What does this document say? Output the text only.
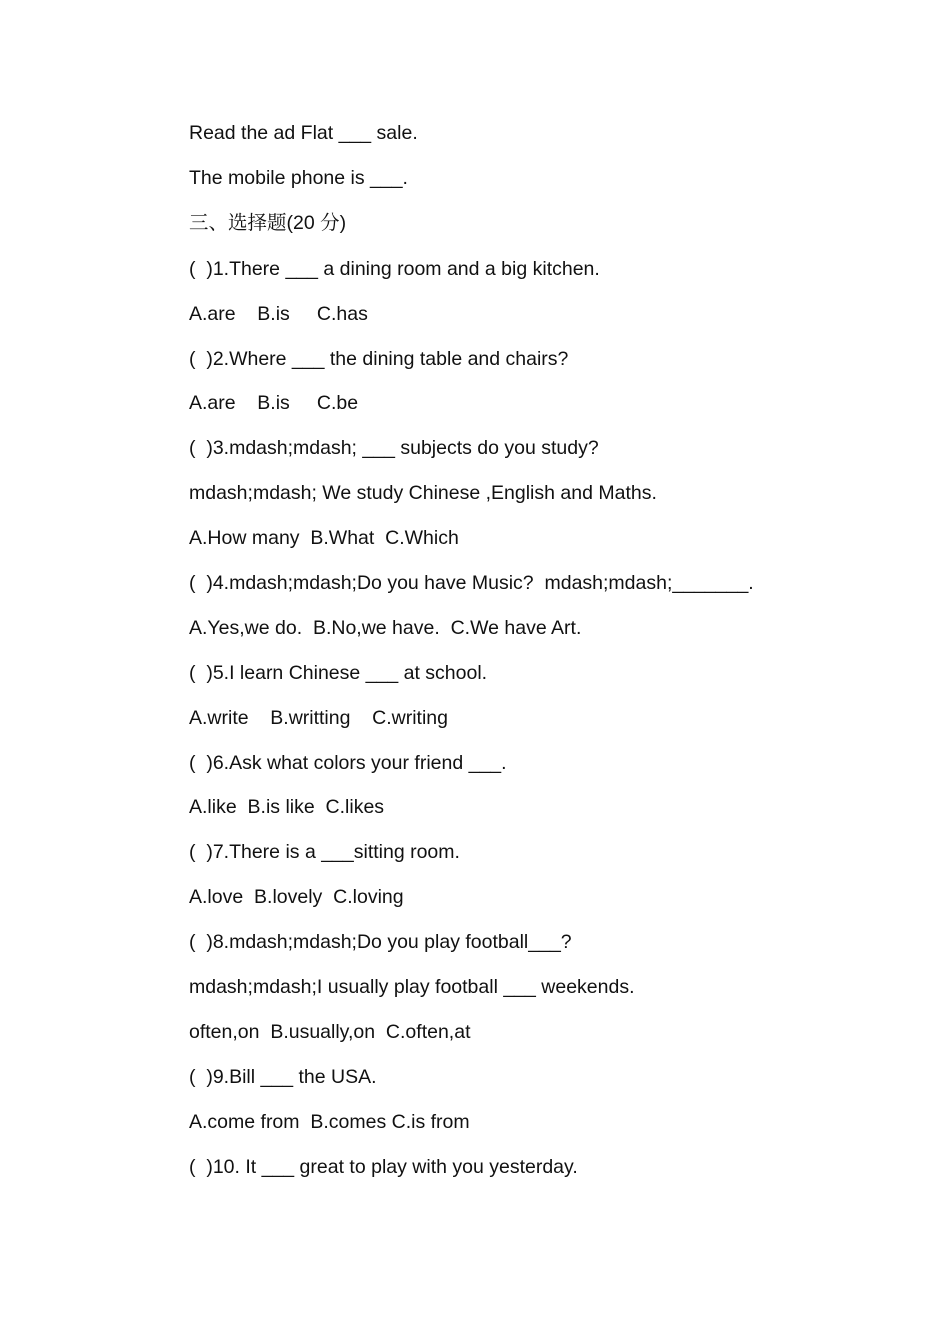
Read the ad Flat ___ sale.
The mobile phone is ___.
三、选择题(20 分)
(  )1.There ___ a dining room and a big kitchen.
A.are    B.is     C.has
(  )2.Where ___ the dining table and chairs?
A.are    B.is     C.be
(  )3.mdash;mdash; ___ subjects do you study?
mdash;mdash; We study Chinese ,English and Maths.
A.How many  B.What  C.Which
(  )4.mdash;mdash;Do you have Music?  mdash;mdash;_______.
A.Yes,we do.  B.No,we have.  C.We have Art.
(  )5.I learn Chinese ___ at school.
A.write    B.writting    C.writing
(  )6.Ask what colors your friend ___.
A.like  B.is like  C.likes
(  )7.There is a ___sitting room.
A.love  B.lovely  C.loving
(  )8.mdash;mdash;Do you play football___?
mdash;mdash;I usually play football ___ weekends.
often,on  B.usually,on  C.often,at
(  )9.Bill ___ the USA.
A.come from  B.comes C.is from
(  )10. It ___ great to play with you yesterday.
